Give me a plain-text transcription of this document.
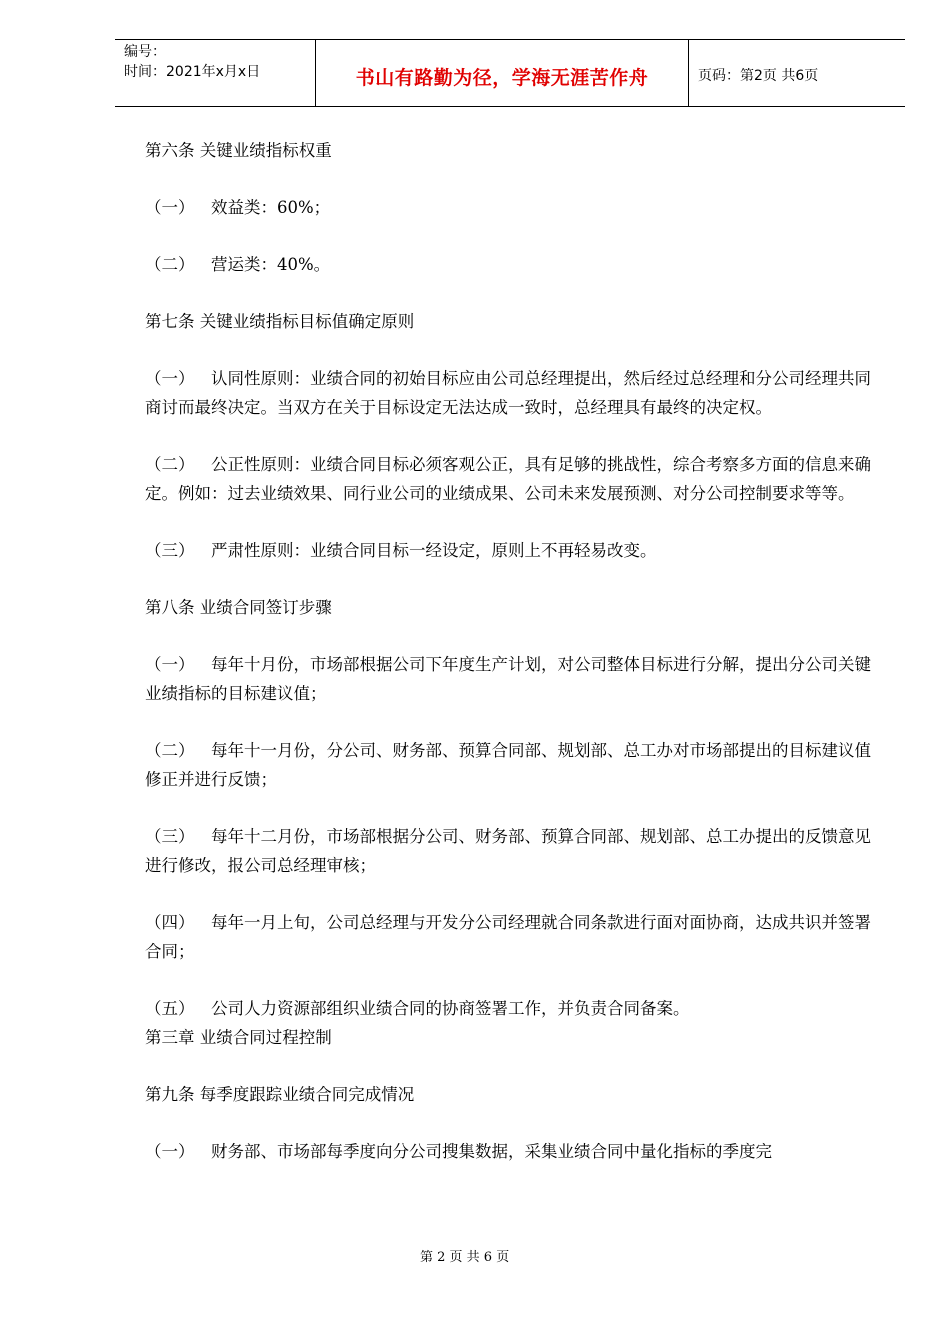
编号：
时间：2021年x月x日	书山有路勤为径，学海无涯苦作舟	页码：第2页 共6页

第六条 关键业绩指标权重

（一） 效益类：60%；

（二） 营运类：40%。

第七条 关键业绩指标目标值确定原则

（一） 认同性原则：业绩合同的初始目标应由公司总经理提出，然后经过总经理和分公司经理共同商讨而最终决定。当双方在关于目标设定无法达成一致时，总经理具有最终的决定权。

（二） 公正性原则：业绩合同目标必须客观公正，具有足够的挑战性，综合考察多方面的信息来确定。例如：过去业绩效果、同行业公司的业绩成果、公司未来发展预测、对分公司控制要求等等。

（三） 严肃性原则：业绩合同目标一经设定，原则上不再轻易改变。

第八条 业绩合同签订步骤

（一） 每年十月份，市场部根据公司下年度生产计划，对公司整体目标进行分解，提出分公司关键业绩指标的目标建议值；

（二） 每年十一月份，分公司、财务部、预算合同部、规划部、总工办对市场部提出的目标建议值修正并进行反馈；

（三） 每年十二月份，市场部根据分公司、财务部、预算合同部、规划部、总工办提出的反馈意见进行修改，报公司总经理审核；

（四） 每年一月上旬，公司总经理与开发分公司经理就合同条款进行面对面协商，达成共识并签署合同；

（五） 公司人力资源部组织业绩合同的协商签署工作，并负责合同备案。

第三章 业绩合同过程控制

第九条 每季度跟踪业绩合同完成情况

（一） 财务部、市场部每季度向分公司搜集数据，采集业绩合同中量化指标的季度完

第 2 页 共 6 页
